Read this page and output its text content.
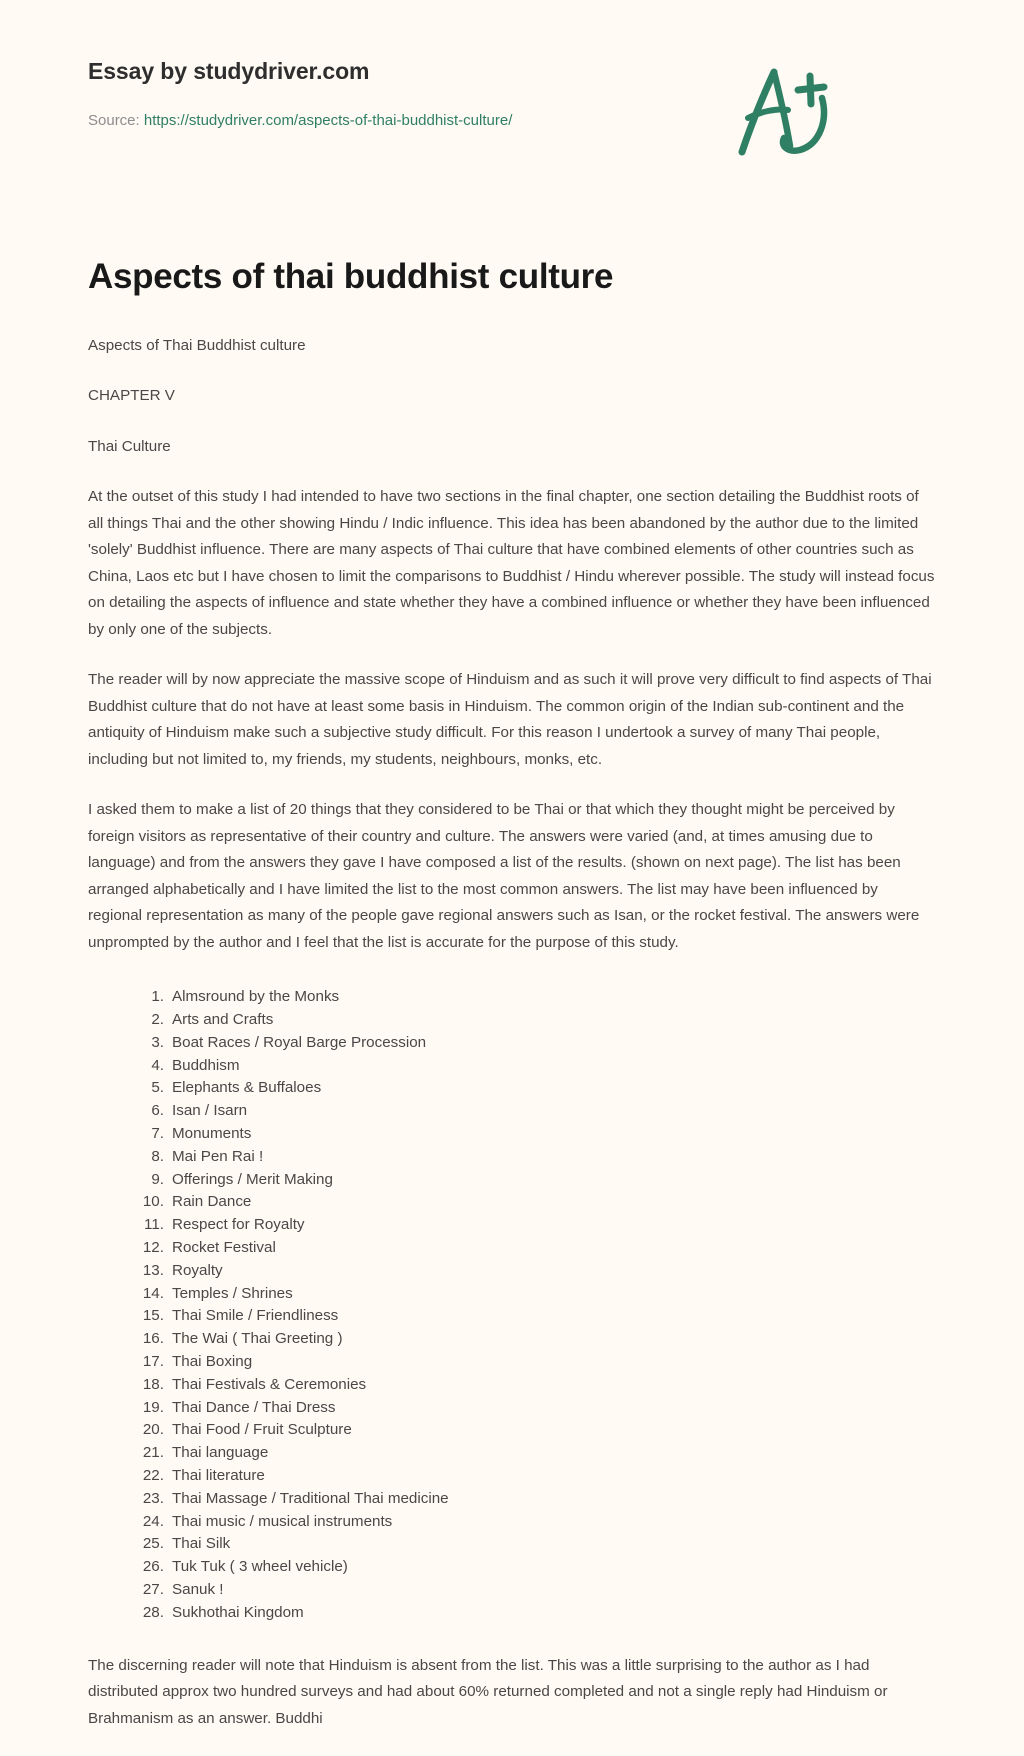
Essay by studydriver.com
Source: https://studydriver.com/aspects-of-thai-buddhist-culture/
Aspects of thai buddhist culture

Aspects of Thai Buddhist culture

CHAPTER V

Thai Culture

At the outset of this study I had intended to have two sections in the final chapter, one section detailing the Buddhist roots of all things Thai and the other showing Hindu / Indic influence. This idea has been abandoned by the author due to the limited 'solely' Buddhist influence. There are many aspects of Thai culture that have combined elements of other countries such as China, Laos etc but I have chosen to limit the comparisons to Buddhist / Hindu wherever possible. The study will instead focus on detailing the aspects of influence and state whether they have a combined influence or whether they have been influenced by only one of the subjects.

The reader will by now appreciate the massive scope of Hinduism and as such it will prove very difficult to find aspects of Thai Buddhist culture that do not have at least some basis in Hinduism. The common origin of the Indian sub-continent and the antiquity of Hinduism make such a subjective study difficult. For this reason I undertook a survey of many Thai people, including but not limited to, my friends, my students, neighbours, monks, etc.

I asked them to make a list of 20 things that they considered to be Thai or that which they thought might be perceived by foreign visitors as representative of their country and culture. The answers were varied (and, at times amusing due to language) and from the answers they gave I have composed a list of the results. (shown on next page). The list has been arranged alphabetically and I have limited the list to the most common answers. The list may have been influenced by regional representation as many of the people gave regional answers such as Isan, or the rocket festival. The answers were unprompted by the author and I feel that the list is accurate for the purpose of this study.

Almsround by the Monks
Arts and Crafts
Boat Races / Royal Barge Procession
Buddhism
Elephants & Buffaloes
Isan / Isarn
Monuments
Mai Pen Rai !
Offerings / Merit Making
Rain Dance
Respect for Royalty
Rocket Festival
Royalty
Temples / Shrines
Thai Smile / Friendliness
The Wai ( Thai Greeting )
Thai Boxing
Thai Festivals & Ceremonies
Thai Dance / Thai Dress
Thai Food / Fruit Sculpture
Thai language
Thai literature
Thai Massage / Traditional Thai medicine
Thai music / musical instruments
Thai Silk
Tuk Tuk ( 3 wheel vehicle)
Sanuk !
Sukhothai Kingdom

The discerning reader will note that Hinduism is absent from the list. This was a little surprising to the author as I had distributed approx two hundred surveys and had about 60% returned completed and not a single reply had Hinduism or Brahmanism as an answer. Buddhi
